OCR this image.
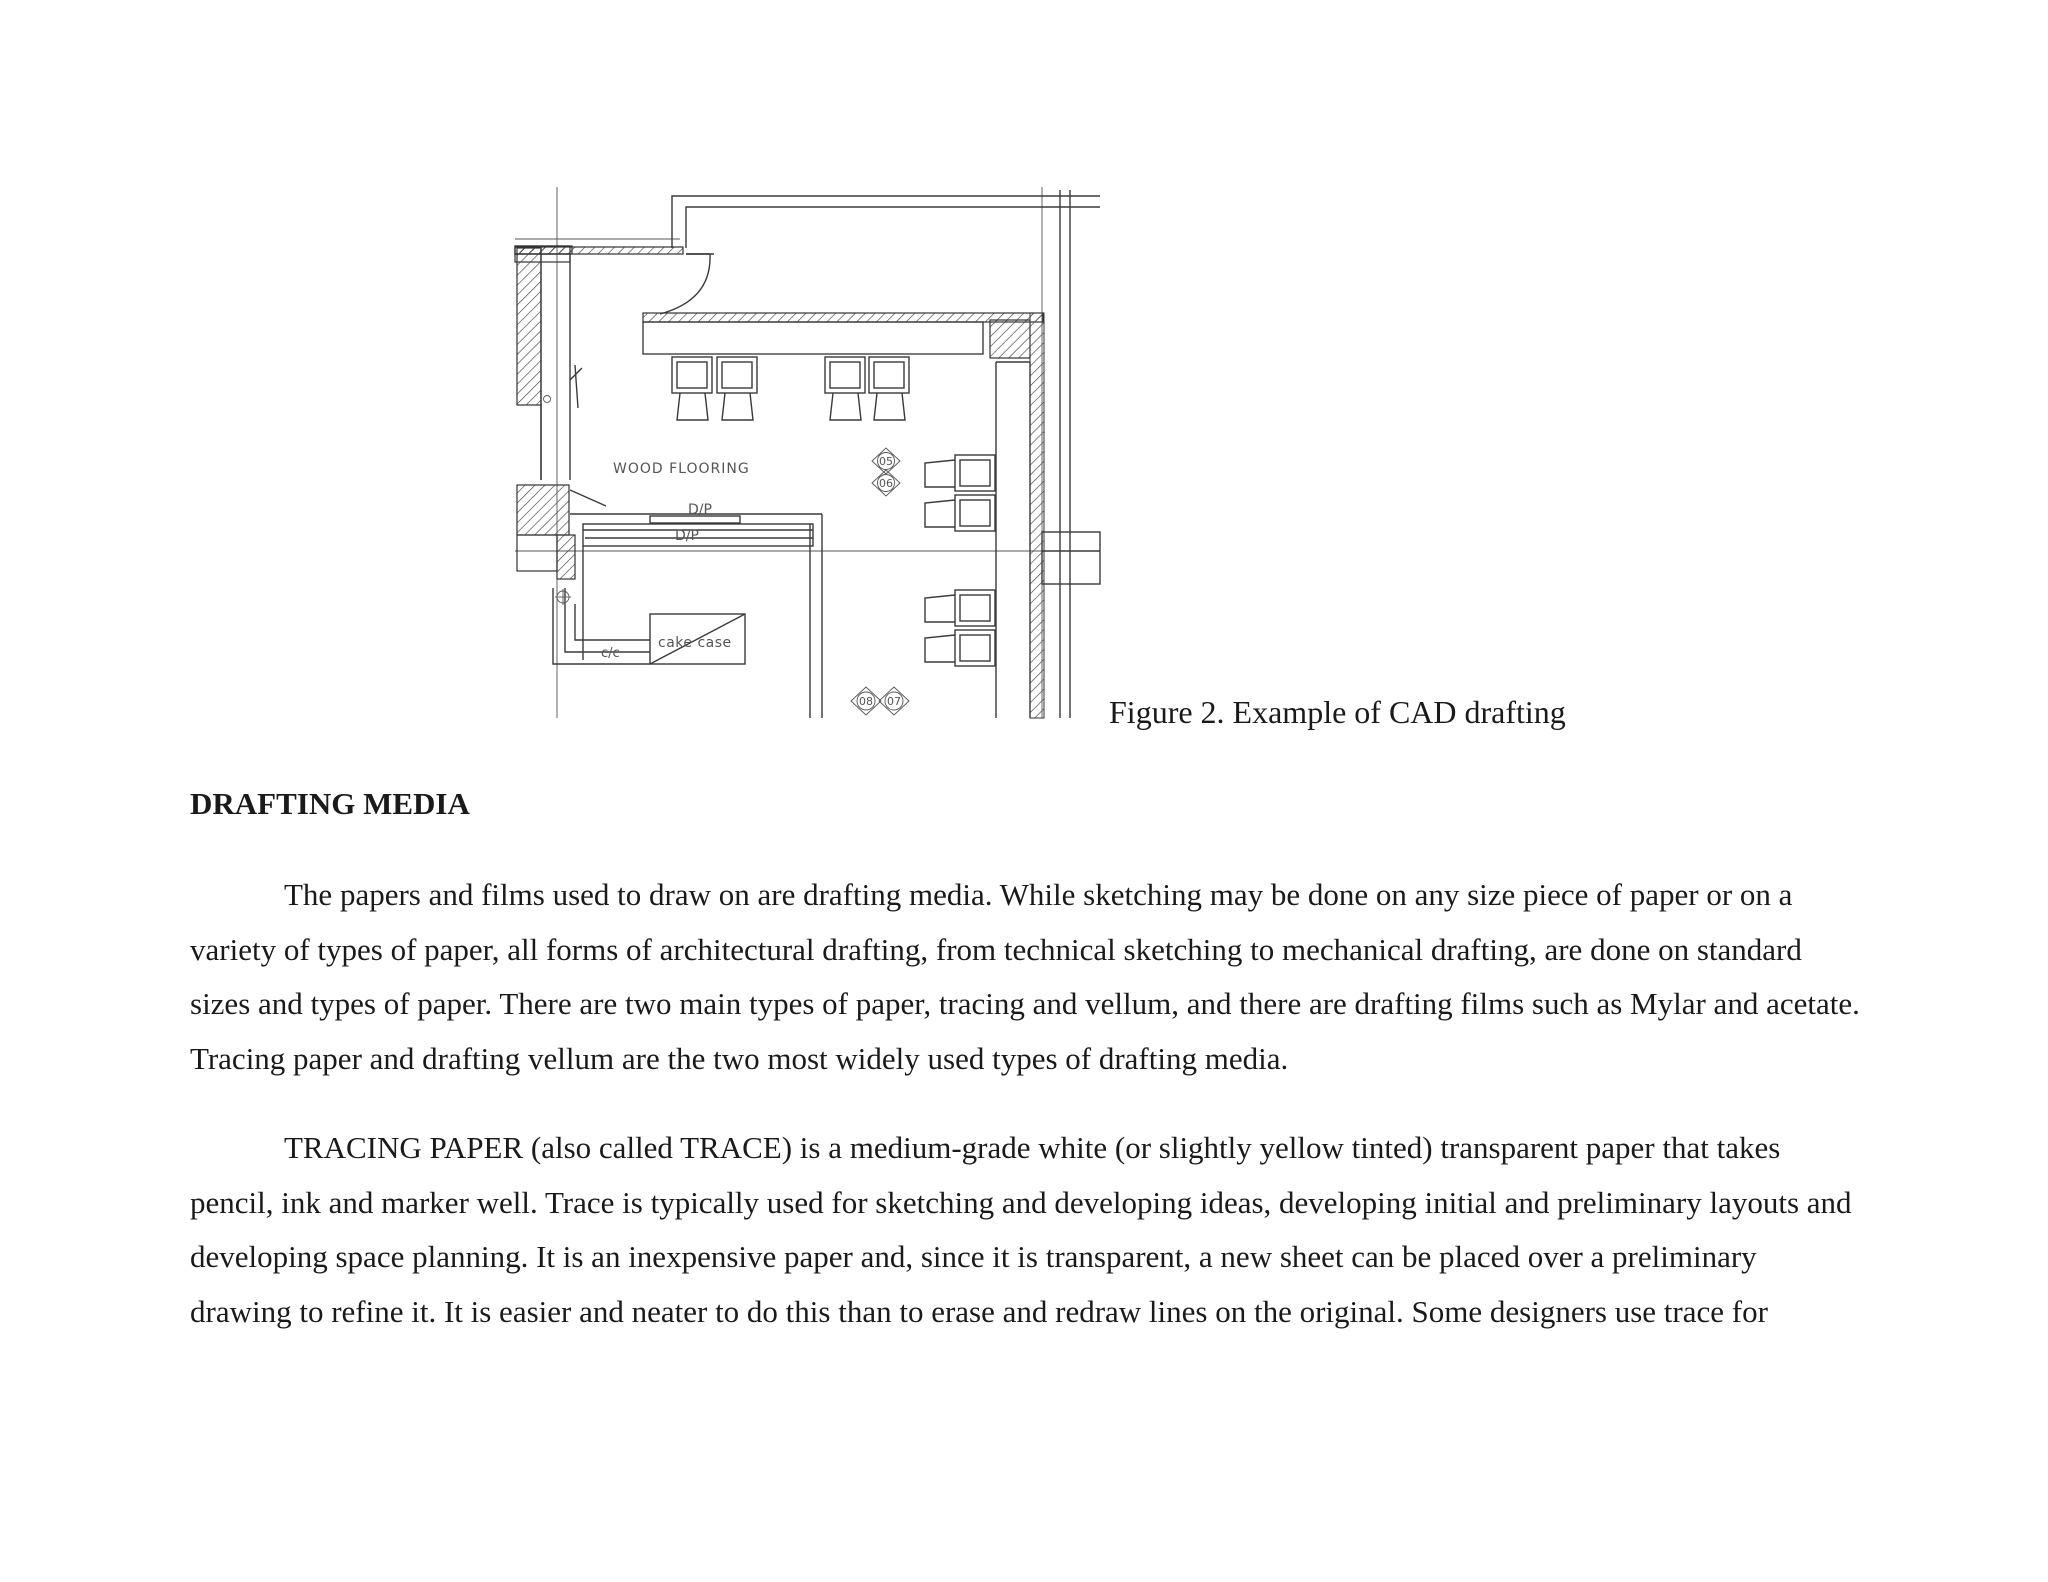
05
06
08 07
WOOD FLOORING
D/P
D/P
cake case
c/c
Figure 2. Example of CAD drafting
DRAFTING MEDIA

The papers and films used to draw on are drafting media. While sketching may be done on any size piece of paper or on a
variety of types of paper, all forms of architectural drafting, from technical sketching to mechanical drafting, are done on standard
sizes and types of paper. There are two main types of paper, tracing and vellum, and there are drafting films such as Mylar and acetate.
Tracing paper and drafting vellum are the two most widely used types of drafting media.

TRACING PAPER (also called TRACE) is a medium-grade white (or slightly yellow tinted) transparent paper that takes
pencil, ink and marker well. Trace is typically used for sketching and developing ideas, developing initial and preliminary layouts and
developing space planning. It is an inexpensive paper and, since it is transparent, a new sheet can be placed over a preliminary
drawing to refine it. It is easier and neater to do this than to erase and redraw lines on the original. Some designers use trace for
